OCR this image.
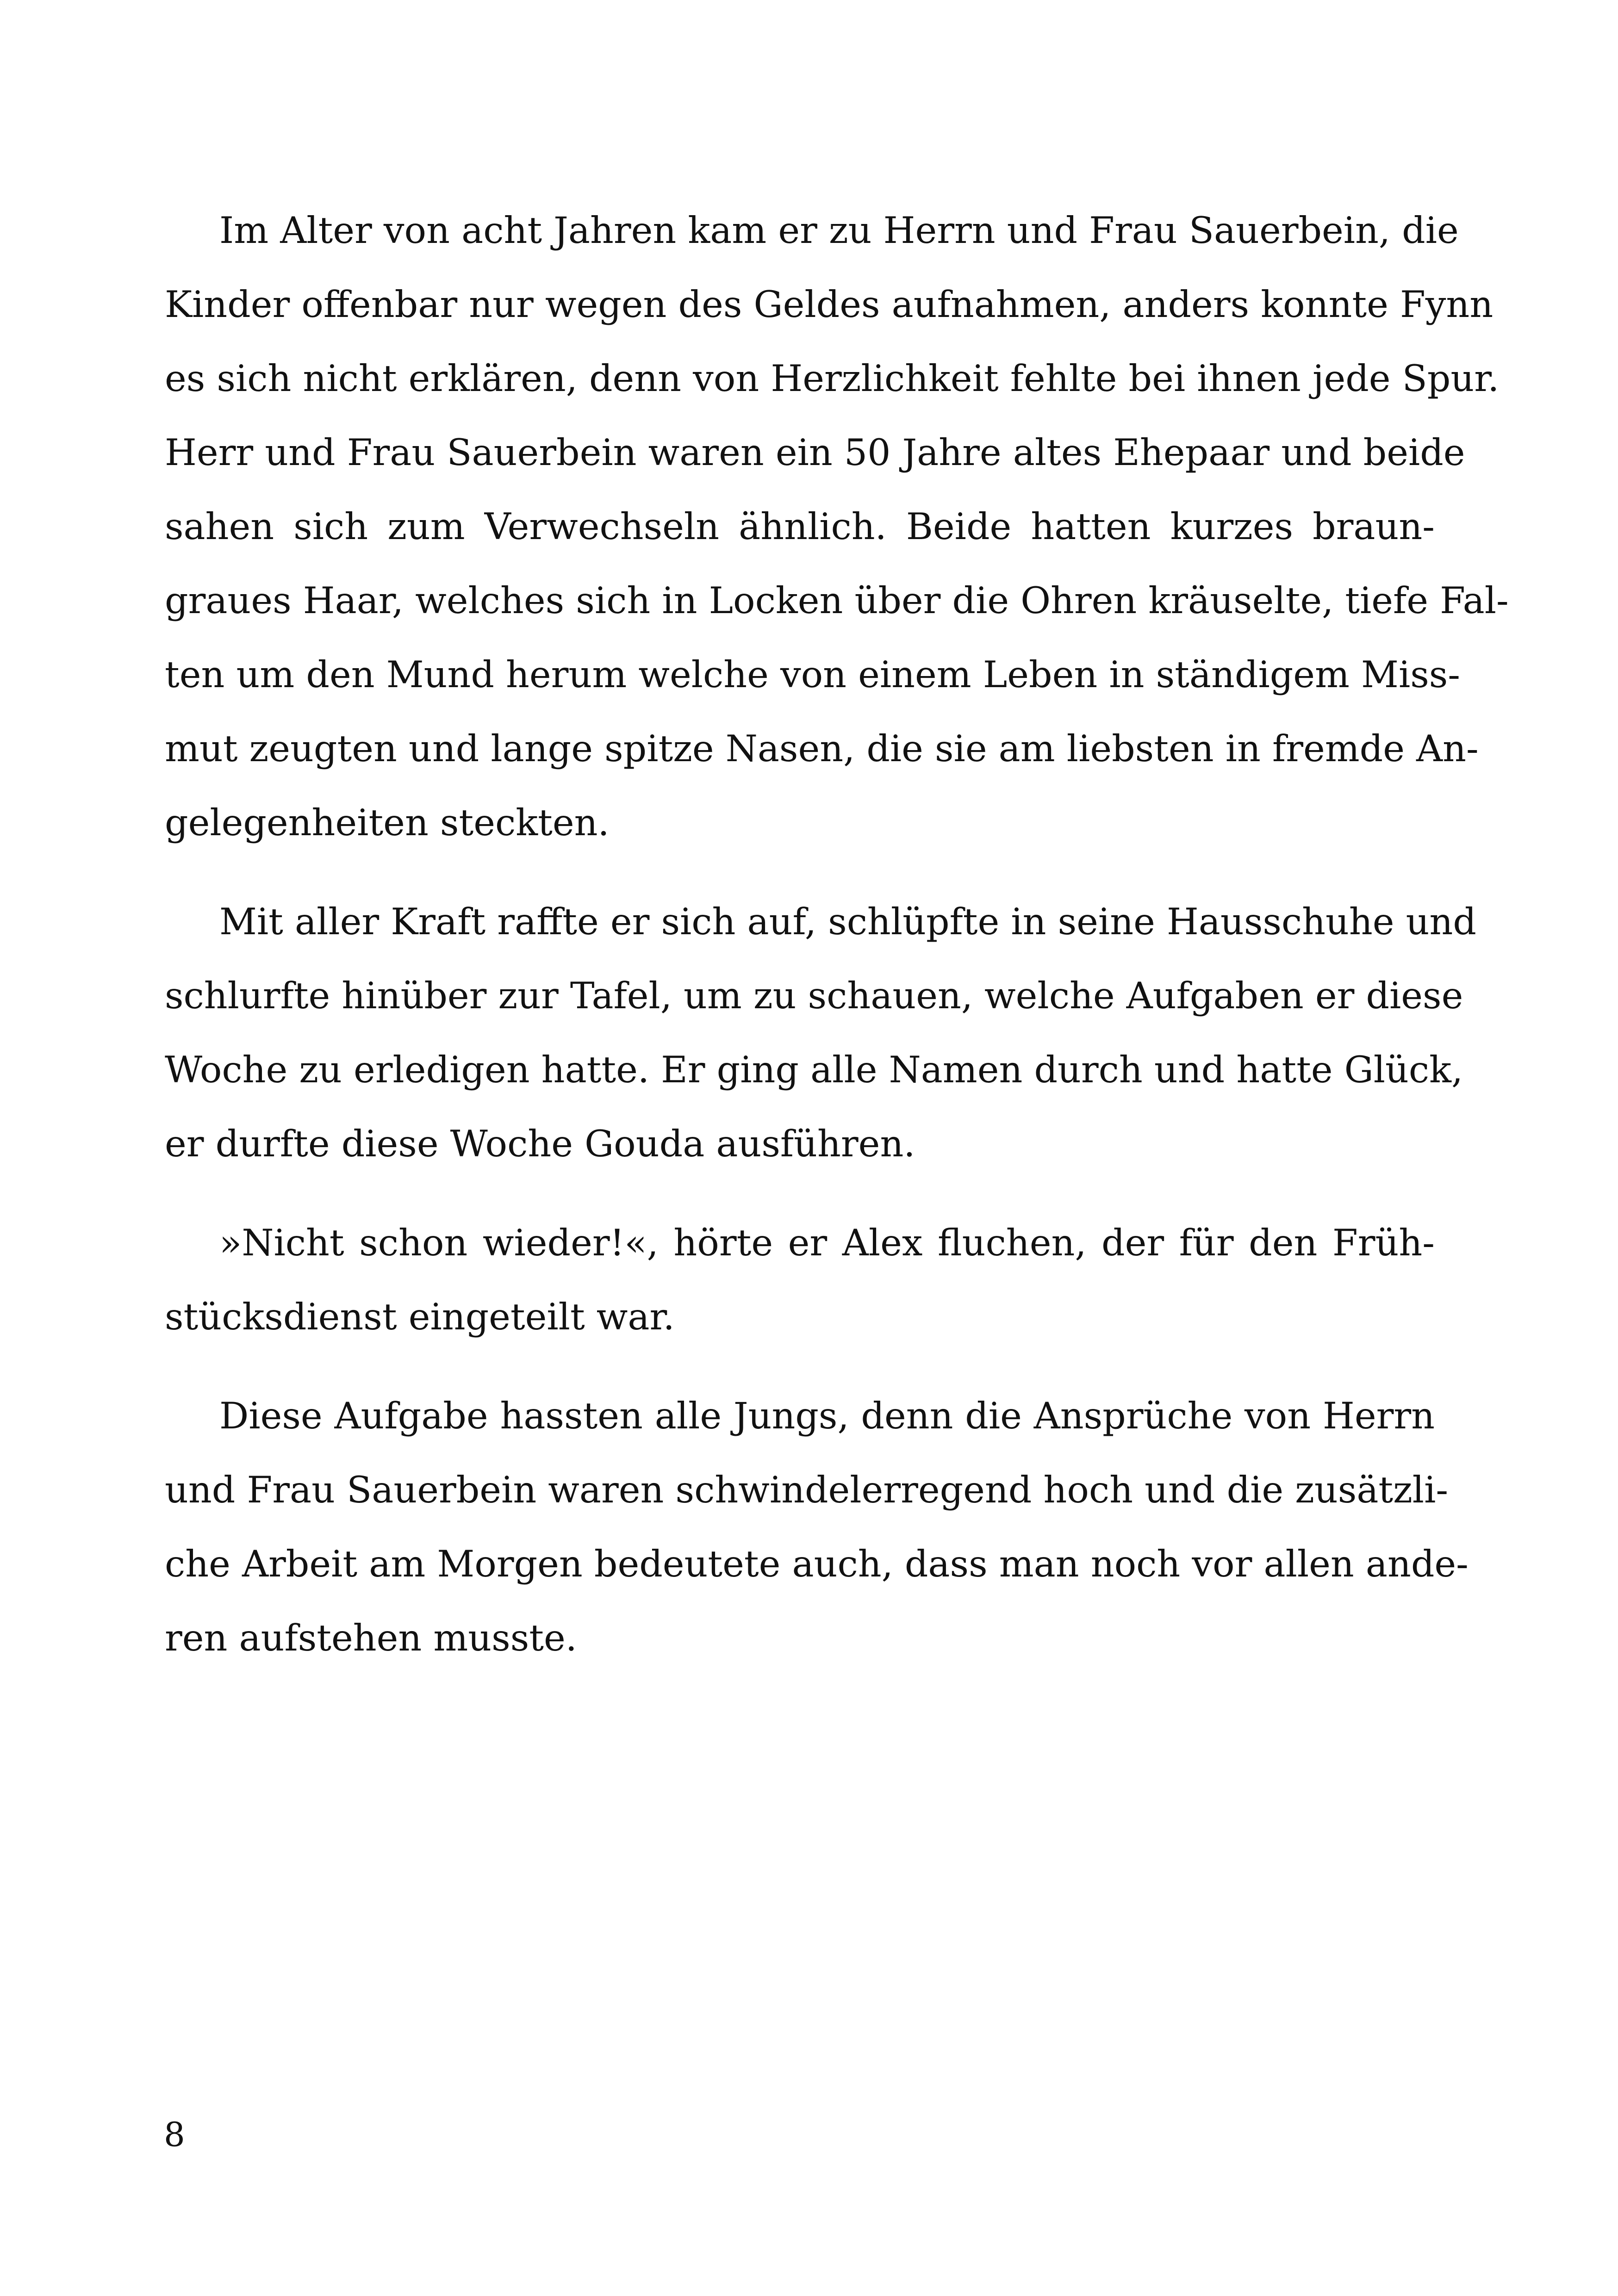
Im Alter von acht Jahren kam er zu Herrn und Frau Sauerbein, die
Kinder offenbar nur wegen des Geldes aufnahmen, anders konnte Fynn
es sich nicht erklären, denn von Herzlichkeit fehlte bei ihnen jede Spur.
Herr und Frau Sauerbein waren ein 50 Jahre altes Ehepaar und beide
sahen sich zum Verwechseln ähnlich. Beide hatten kurzes braun-
graues Haar, welches sich in Locken über die Ohren kräuselte, tiefe Fal-
ten um den Mund herum welche von einem Leben in ständigem Miss-
mut zeugten und lange spitze Nasen, die sie am liebsten in fremde An-
gelegenheiten steckten.
Mit aller Kraft raffte er sich auf, schlüpfte in seine Hausschuhe und
schlurfte hinüber zur Tafel, um zu schauen, welche Aufgaben er diese
Woche zu erledigen hatte. Er ging alle Namen durch und hatte Glück,
er durfte diese Woche Gouda ausführen.
»Nicht schon wieder!«, hörte er Alex fluchen, der für den Früh-
stücksdienst eingeteilt war.
Diese Aufgabe hassten alle Jungs, denn die Ansprüche von Herrn
und Frau Sauerbein waren schwindelerregend hoch und die zusätzli-
che Arbeit am Morgen bedeutete auch, dass man noch vor allen ande-
ren aufstehen musste.
8
